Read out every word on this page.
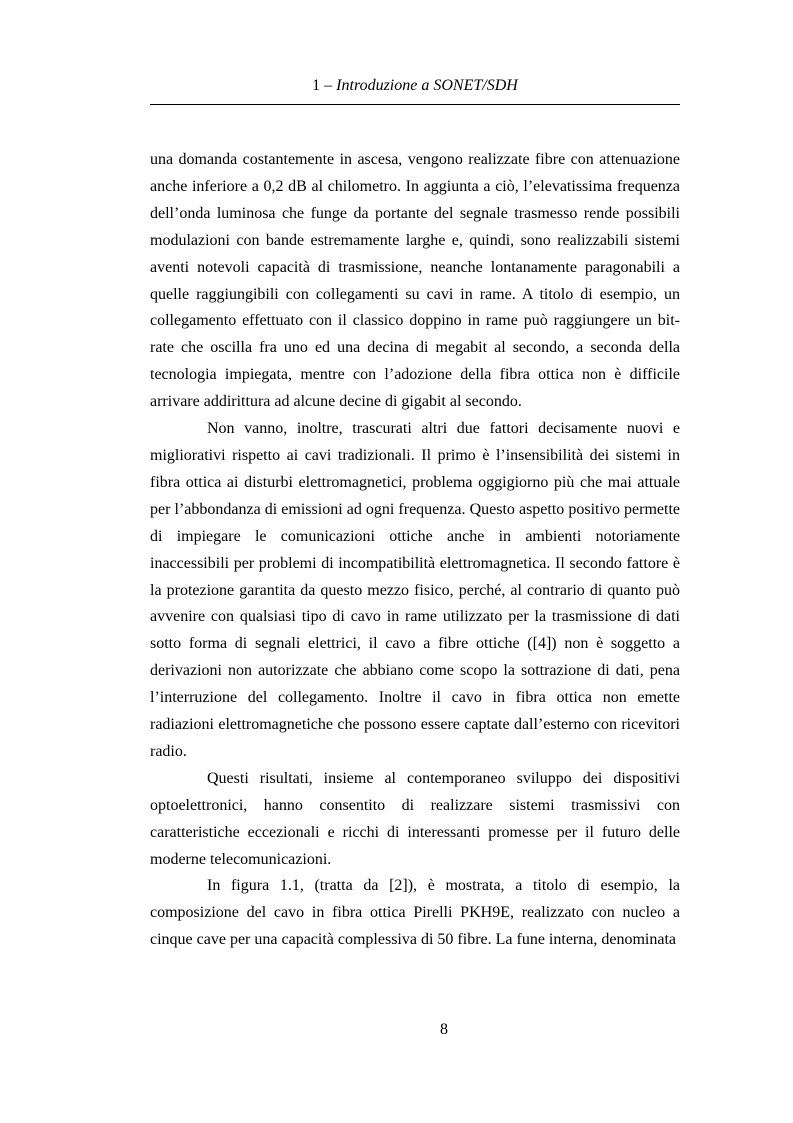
1 – Introduzione a SONET/SDH

una domanda costantemente in ascesa, vengono realizzate fibre con attenuazione anche inferiore a 0,2 dB al chilometro. In aggiunta a ciò, l’elevatissima frequenza dell’onda luminosa che funge da portante del segnale trasmesso rende possibili modulazioni con bande estremamente larghe e, quindi, sono realizzabili sistemi aventi notevoli capacità di trasmissione, neanche lontanamente paragonabili a quelle raggiungibili con collegamenti su cavi in rame. A titolo di esempio, un collegamento effettuato con il classico doppino in rame può raggiungere un bit-rate che oscilla fra uno ed una decina di megabit al secondo, a seconda della tecnologia impiegata, mentre con l’adozione della fibra ottica non è difficile arrivare addirittura ad alcune decine di gigabit al secondo.

Non vanno, inoltre, trascurati altri due fattori decisamente nuovi e migliorativi rispetto ai cavi tradizionali. Il primo è l’insensibilità dei sistemi in fibra ottica ai disturbi elettromagnetici, problema oggigiorno più che mai attuale per l’abbondanza di emissioni ad ogni frequenza. Questo aspetto positivo permette di impiegare le comunicazioni ottiche anche in ambienti notoriamente inaccessibili per problemi di incompatibilità elettromagnetica. Il secondo fattore è la protezione garantita da questo mezzo fisico, perché, al contrario di quanto può avvenire con qualsiasi tipo di cavo in rame utilizzato per la trasmissione di dati sotto forma di segnali elettrici, il cavo a fibre ottiche ([4]) non è soggetto a derivazioni non autorizzate che abbiano come scopo la sottrazione di dati, pena l’interruzione del collegamento. Inoltre il cavo in fibra ottica non emette radiazioni elettromagnetiche che possono essere captate dall’esterno con ricevitori radio.

Questi risultati, insieme al contemporaneo sviluppo dei dispositivi optoelettronici, hanno consentito di realizzare sistemi trasmissivi con caratteristiche eccezionali e ricchi di interessanti promesse per il futuro delle moderne telecomunicazioni.

In figura 1.1, (tratta da [2]), è mostrata, a titolo di esempio, la composizione del cavo in fibra ottica Pirelli PKH9E, realizzato con nucleo a cinque cave per una capacità complessiva di 50 fibre. La fune interna, denominata

8
